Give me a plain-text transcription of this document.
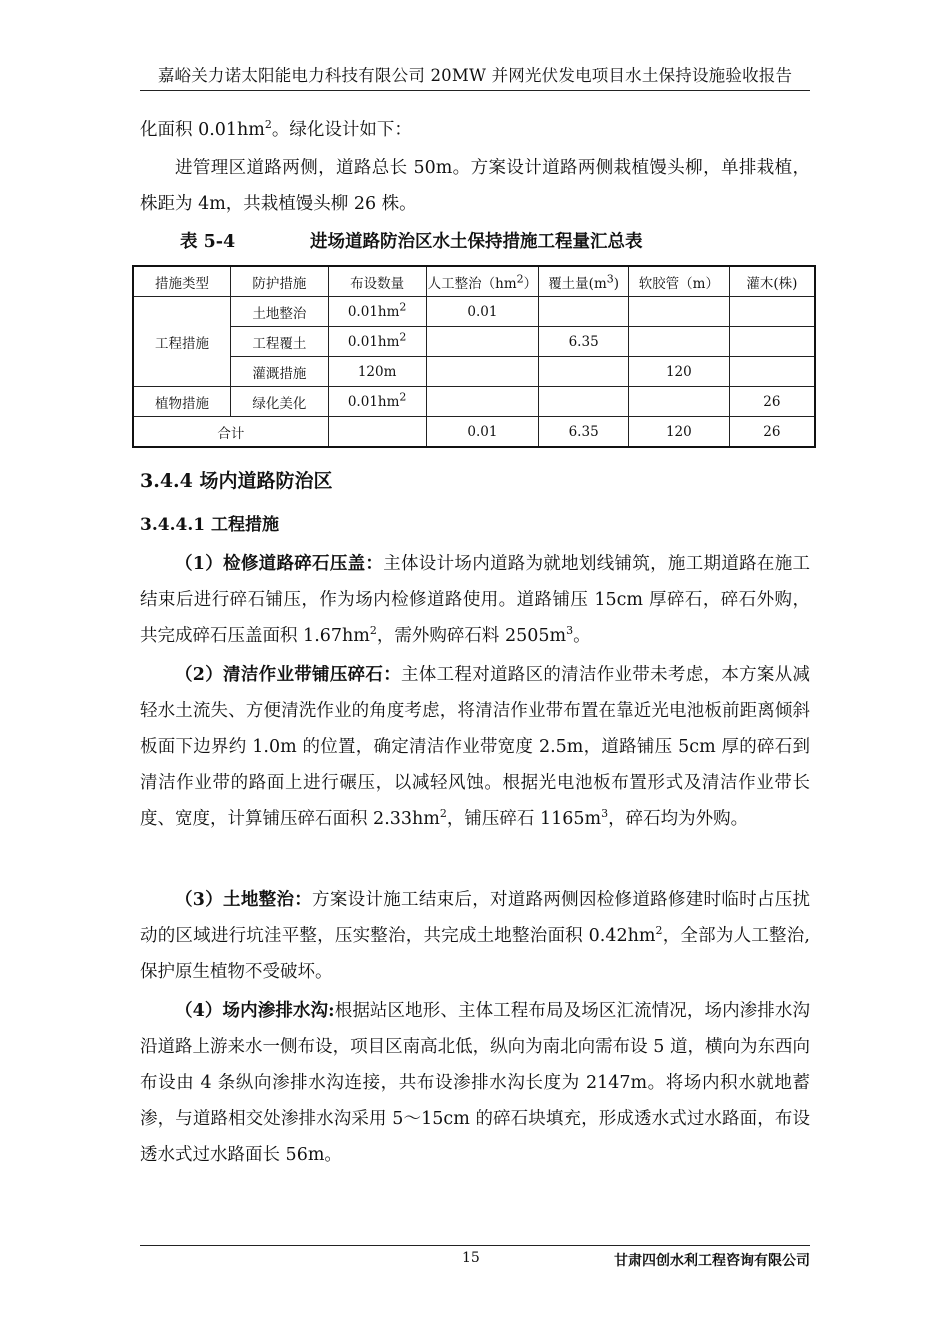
嘉峪关力诺太阳能电力科技有限公司 20MW 并网光伏发电项目水土保持设施验收报告
化面积 $0.01hm^2$。绿化设计如下：
进管理区道路两侧，道路总长 50m。方案设计道路两侧栽植馒头柳，单排栽植，株距为 4m，共栽植馒头柳 26 株。
表 5-4	进场道路防治区水土保持措施工程量汇总表
措施类型	防护措施	布设数量	人工整治$(hm^2)$	覆土量$(m^3)$	软胶管（m）	灌木(株)
工程措施	土地整治	$0.01hm^2$	0.01			
	工程覆土	$0.01hm^2$		6.35		
	灌溉措施	120m			120	
植物措施	绿化美化	$0.01hm^2$				26
合计			0.01	6.35	120	26
3.4.4 场内道路防治区
3.4.4.1 工程措施
（1）检修道路碎石压盖：主体设计场内道路为就地划线铺筑，施工期道路在施工结束后进行碎石铺压，作为场内检修道路使用。道路铺压 15cm 厚碎石，碎石外购，共完成碎石压盖面积 $1.67hm^2$，需外购碎石料 $2505m^3$。
（2）清洁作业带铺压碎石：主体工程对道路区的清洁作业带未考虑，本方案从减轻水土流失、方便清洗作业的角度考虑，将清洁作业带布置在靠近光电池板前距离倾斜板面下边界约 1.0m 的位置，确定清洁作业带宽度 2.5m，道路铺压 5cm 厚的碎石到清洁作业带的路面上进行碾压，以减轻风蚀。根据光电池板布置形式及清洁作业带长度、宽度，计算铺压碎石面积 $2.33hm^2$，铺压碎石 $1165m^3$，碎石均为外购。
（3）土地整治：方案设计施工结束后，对道路两侧因检修道路修建时临时占压扰动的区域进行坑洼平整，压实整治，共完成土地整治面积 $0.42hm^2$，全部为人工整治,保护原生植物不受破坏。
（4）场内渗排水沟:根据站区地形、主体工程布局及场区汇流情况，场内渗排水沟沿道路上游来水一侧布设，项目区南高北低，纵向为南北向需布设 5 道，横向为东西向布设由 4 条纵向渗排水沟连接，共布设渗排水沟长度为 2147m。将场内积水就地蓄渗，与道路相交处渗排水沟采用 5～15cm 的碎石块填充，形成透水式过水路面，布设透水式过水路面长 56m。
15	甘肃四创水利工程咨询有限公司
